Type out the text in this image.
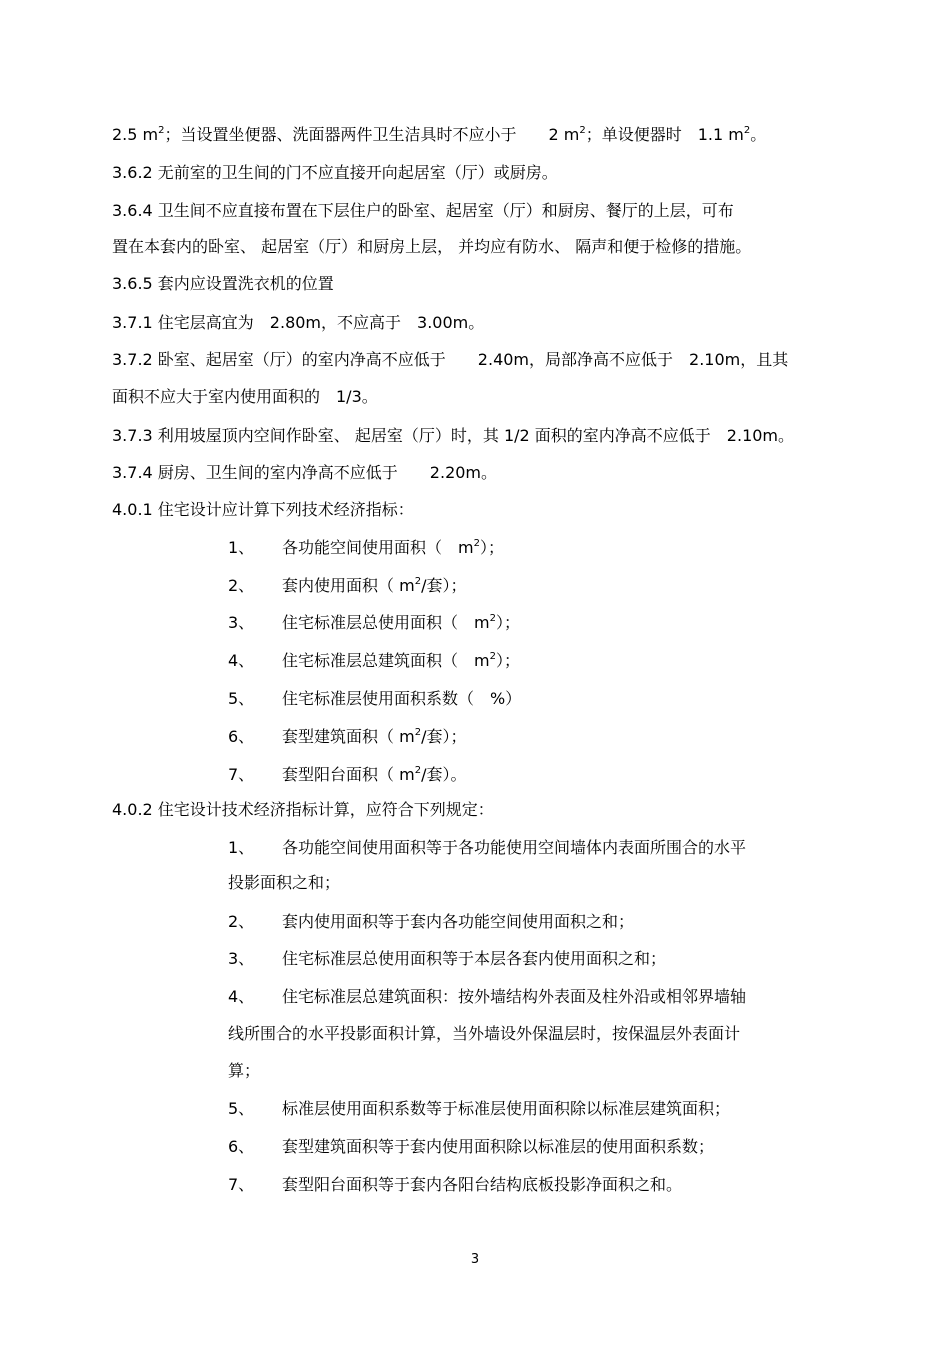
2.5 $m^2$；当设置坐便器、洗面器两件卫生洁具时不应小于　　2 $m^2$；单设便器时　1.1 $m^2$。
3.6.2 无前室的卫生间的门不应直接开向起居室（厅）或厨房。
3.6.4 卫生间不应直接布置在下层住户的卧室、起居室（厅）和厨房、餐厅的上层，可布
置在本套内的卧室、 起居室（厅）和厨房上层， 并均应有防水、 隔声和便于检修的措施。
3.6.5 套内应设置洗衣机的位置
3.7.1 住宅层高宜为　2.80m，不应高于　3.00m。
3.7.2 卧室、起居室（厅）的室内净高不应低于　　2.40m，局部净高不应低于　2.10m，且其
面积不应大于室内使用面积的　1/3。
3.7.3 利用坡屋顶内空间作卧室、 起居室（厅）时，其 1/2 面积的室内净高不应低于　2.10m。
3.7.4 厨房、卫生间的室内净高不应低于　　2.20m。
4.0.1 住宅设计应计算下列技术经济指标：
1、 各功能空间使用面积（　$m^2$）；
2、 套内使用面积（ $m^2/$套）；
3、 住宅标准层总使用面积（　$m^2$）；
4、 住宅标准层总建筑面积（　$m^2$）；
5、 住宅标准层使用面积系数（　%）
6、 套型建筑面积（ $m^2/$套）；
7、 套型阳台面积（ $m^2/$套）。
4.0.2 住宅设计技术经济指标计算，应符合下列规定：
1、 各功能空间使用面积等于各功能使用空间墙体内表面所围合的水平
投影面积之和；
2、 套内使用面积等于套内各功能空间使用面积之和；
3、 住宅标准层总使用面积等于本层各套内使用面积之和；
4、 住宅标准层总建筑面积：按外墙结构外表面及柱外沿或相邻界墙轴
线所围合的水平投影面积计算，当外墙设外保温层时，按保温层外表面计
算；
5、 标准层使用面积系数等于标准层使用面积除以标准层建筑面积；
6、 套型建筑面积等于套内使用面积除以标准层的使用面积系数；
7、 套型阳台面积等于套内各阳台结构底板投影净面积之和。
3
